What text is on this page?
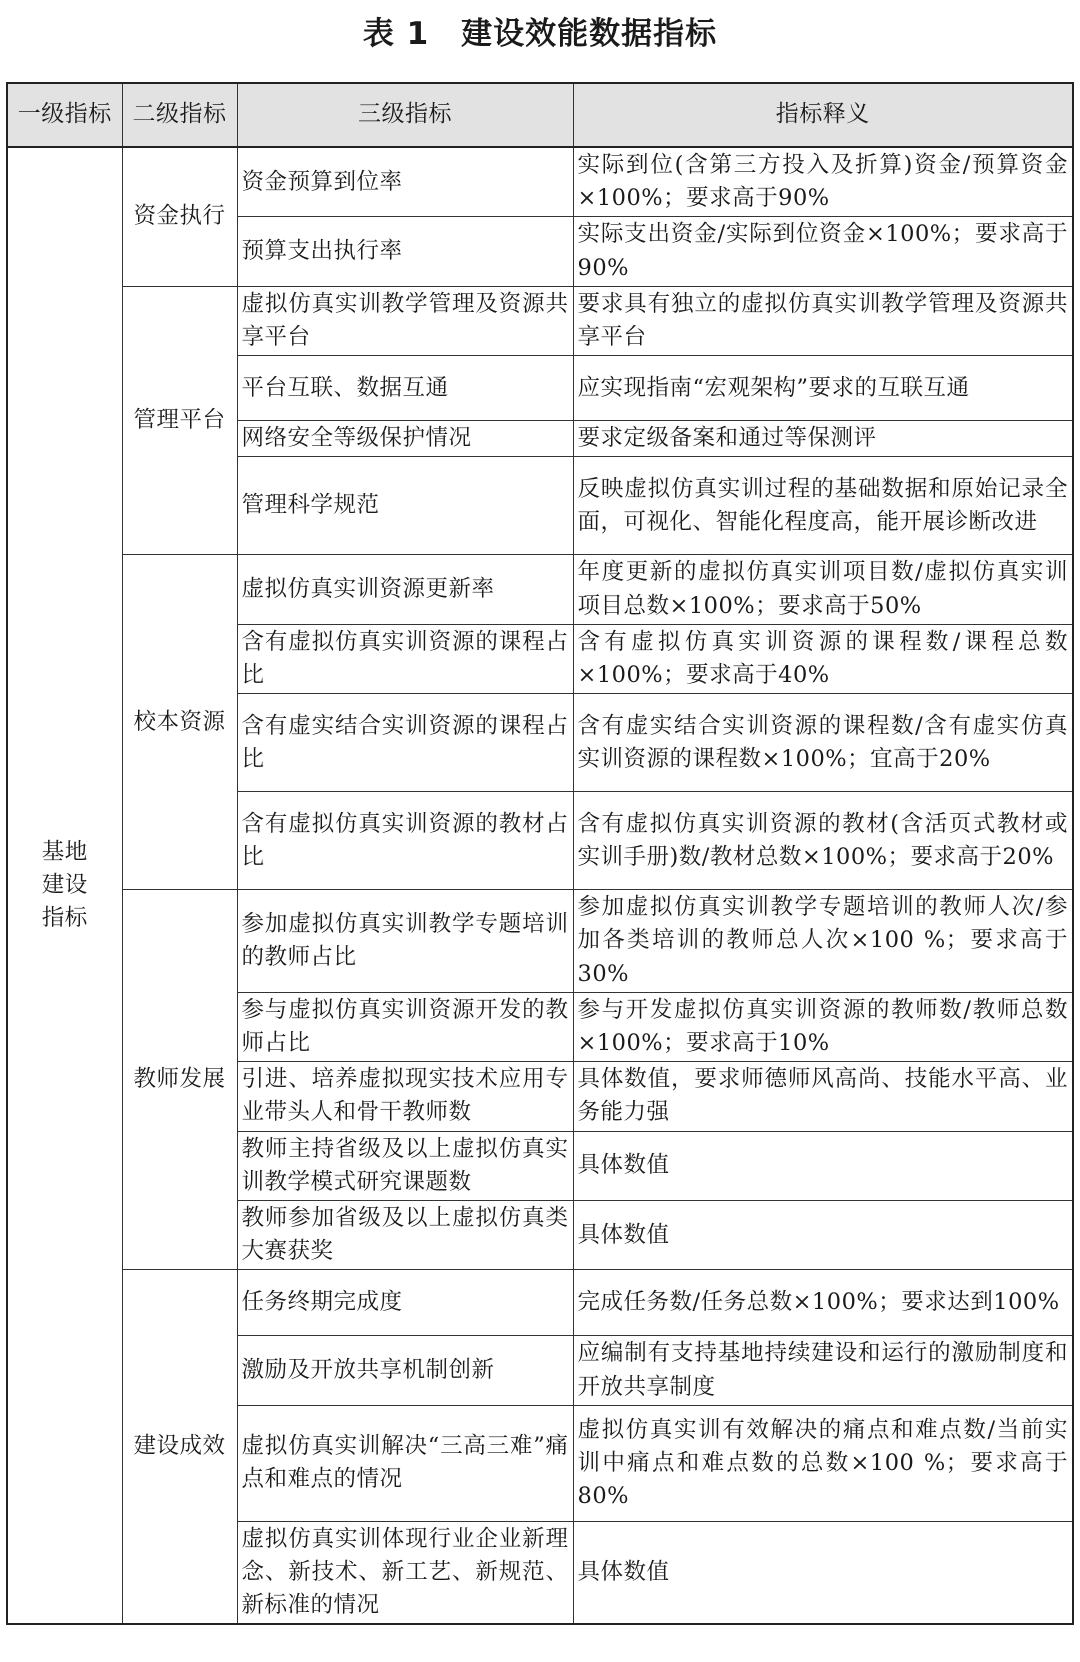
表 1　建设效能数据指标
一级指标	二级指标	三级指标	指标释义
基地建设指标	资金执行	资金预算到位率	实际到位(含第三方投入及折算)资金/预算资金×100%；要求高于90%
		预算支出执行率	实际支出资金/实际到位资金×100%；要求高于90%
	管理平台	虚拟仿真实训教学管理及资源共享平台	要求具有独立的虚拟仿真实训教学管理及资源共享平台
		平台互联、数据互通	应实现指南“宏观架构”要求的互联互通
		网络安全等级保护情况	要求定级备案和通过等保测评
		管理科学规范	反映虚拟仿真实训过程的基础数据和原始记录全面，可视化、智能化程度高，能开展诊断改进
	校本资源	虚拟仿真实训资源更新率	年度更新的虚拟仿真实训项目数/虚拟仿真实训项目总数×100%；要求高于50%
		含有虚拟仿真实训资源的课程占比	含有虚拟仿真实训资源的课程数/课程总数×100%；要求高于40%
		含有虚实结合实训资源的课程占比	含有虚实结合实训资源的课程数/含有虚实仿真实训资源的课程数×100%；宜高于20%
		含有虚拟仿真实训资源的教材占比	含有虚拟仿真实训资源的教材(含活页式教材或实训手册)数/教材总数×100%；要求高于20%
	教师发展	参加虚拟仿真实训教学专题培训的教师占比	参加虚拟仿真实训教学专题培训的教师人次/参加各类培训的教师总人次×100 %；要求高于30%
		参与虚拟仿真实训资源开发的教师占比	参与开发虚拟仿真实训资源的教师数/教师总数×100%；要求高于10%
		引进、培养虚拟现实技术应用专业带头人和骨干教师数	具体数值，要求师德师风高尚、技能水平高、业务能力强
		教师主持省级及以上虚拟仿真实训教学模式研究课题数	具体数值
		教师参加省级及以上虚拟仿真类大赛获奖	具体数值
	建设成效	任务终期完成度	完成任务数/任务总数×100%；要求达到100%
		激励及开放共享机制创新	应编制有支持基地持续建设和运行的激励制度和开放共享制度
		虚拟仿真实训解决“三高三难”痛点和难点的情况	虚拟仿真实训有效解决的痛点和难点数/当前实训中痛点和难点数的总数×100 %；要求高于 80%
		虚拟仿真实训体现行业企业新理念、新技术、新工艺、新规范、新标准的情况	具体数值
